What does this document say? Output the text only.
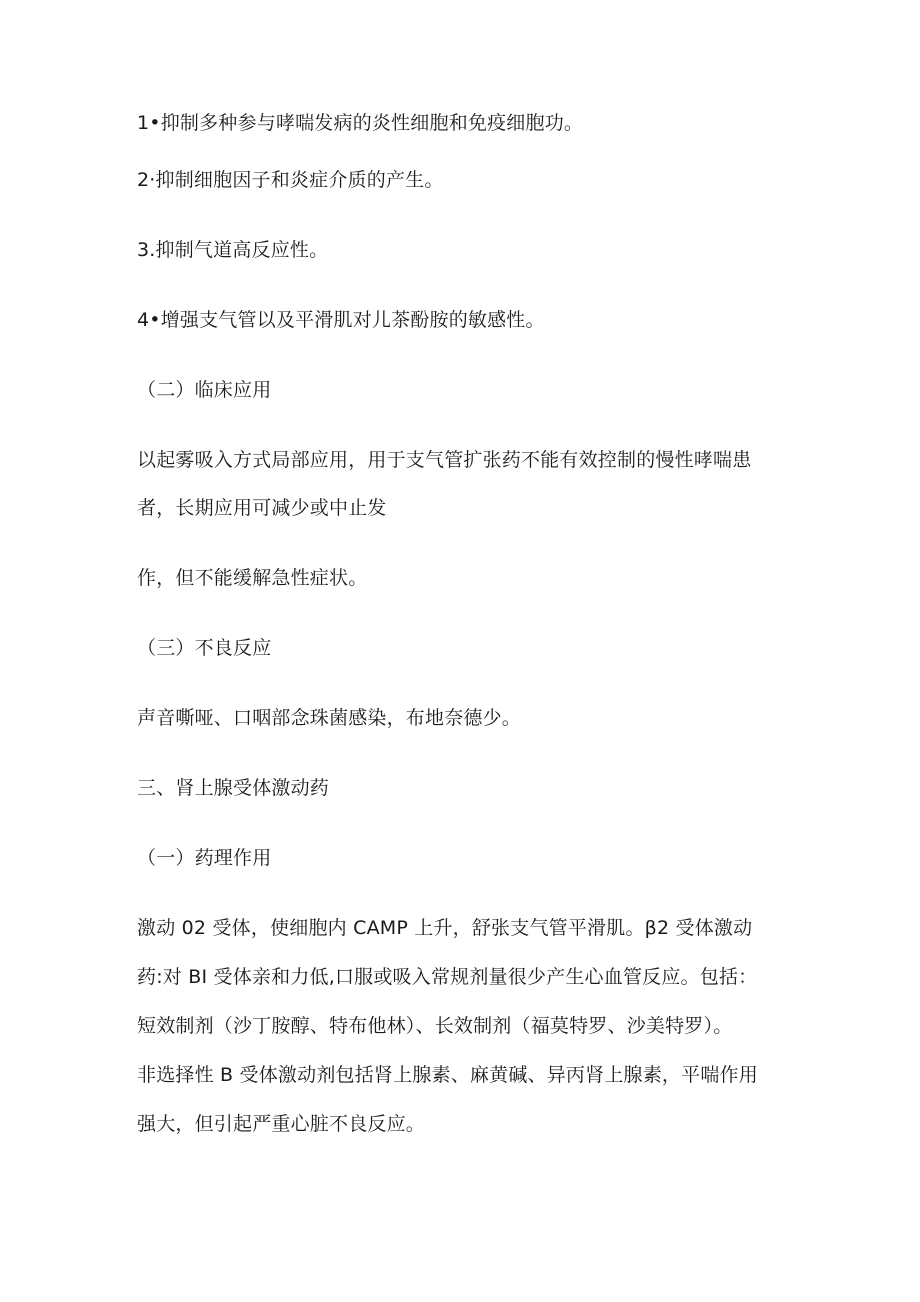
1•抑制多种参与哮喘发病的炎性细胞和免疫细胞功。
2·抑制细胞因子和炎症介质的产生。
3.抑制气道高反应性。
4•增强支气管以及平滑肌对儿茶酚胺的敏感性。
（二）临床应用
以起雾吸入方式局部应用，用于支气管扩张药不能有效控制的慢性哮喘患
者，长期应用可减少或中止发
作，但不能缓解急性症状。
（三）不良反应
声音嘶哑、口咽部念珠菌感染，布地奈德少。
三、肾上腺受体激动药
（一）药理作用
激动 02 受体，使细胞内 CAMP 上升，舒张支气管平滑肌。β2 受体激动
药:对 BI 受体亲和力低,口服或吸入常规剂量很少产生心血管反应。包括：
短效制剂（沙丁胺醇、特布他林）、长效制剂（福莫特罗、沙美特罗）。
非选择性 B 受体激动剂包括肾上腺素、麻黄碱、异丙肾上腺素，平喘作用
强大，但引起严重心脏不良反应。
